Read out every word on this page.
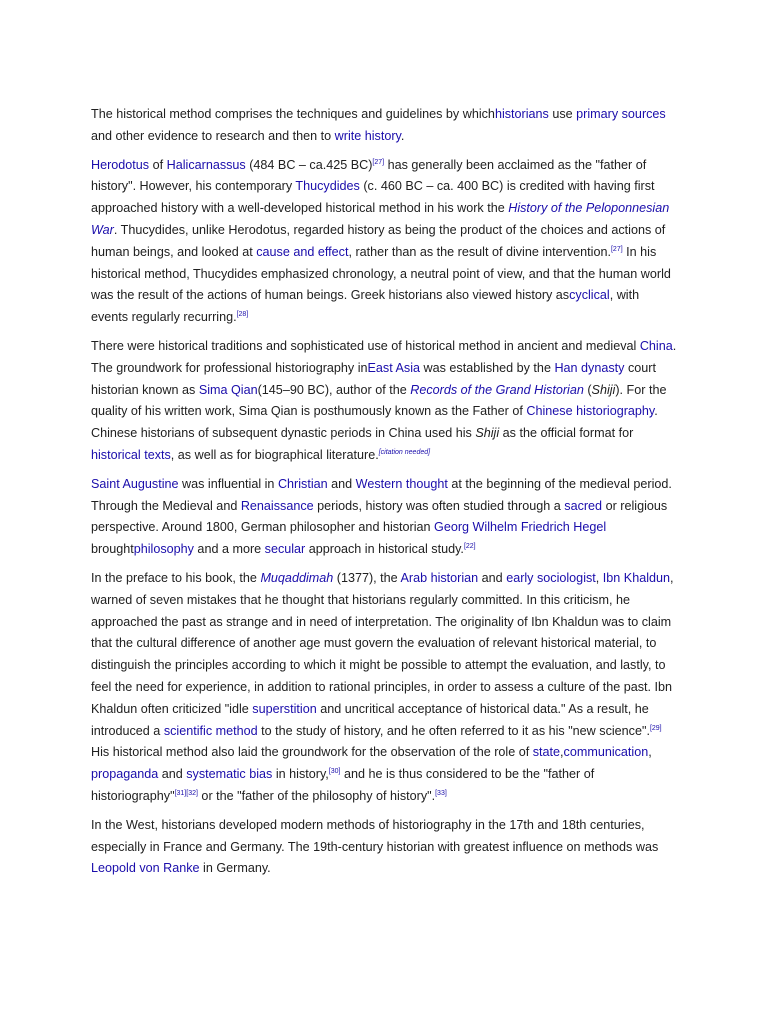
The historical method comprises the techniques and guidelines by whichhistorians use primary sources and other evidence to research and then to write history.

Herodotus of Halicarnassus (484 BC – ca.425 BC)[27] has generally been acclaimed as the "father of history". However, his contemporary Thucydides (c. 460 BC – ca. 400 BC) is credited with having first approached history with a well-developed historical method in his work the History of the Peloponnesian War. Thucydides, unlike Herodotus, regarded history as being the product of the choices and actions of human beings, and looked at cause and effect, rather than as the result of divine intervention.[27] In his historical method, Thucydides emphasized chronology, a neutral point of view, and that the human world was the result of the actions of human beings. Greek historians also viewed history ascyclical, with events regularly recurring.[28]

There were historical traditions and sophisticated use of historical method in ancient and medieval China. The groundwork for professional historiography inEast Asia was established by the Han dynasty court historian known as Sima Qian(145–90 BC), author of the Records of the Grand Historian (Shiji). For the quality of his written work, Sima Qian is posthumously known as the Father of Chinese historiography. Chinese historians of subsequent dynastic periods in China used his Shiji as the official format for historical texts, as well as for biographical literature.[citation needed]

Saint Augustine was influential in Christian and Western thought at the beginning of the medieval period. Through the Medieval and Renaissance periods, history was often studied through a sacred or religious perspective. Around 1800, German philosopher and historian Georg Wilhelm Friedrich Hegel broughtphilosophy and a more secular approach in historical study.[22]

In the preface to his book, the Muqaddimah (1377), the Arab historian and early sociologist, Ibn Khaldun, warned of seven mistakes that he thought that historians regularly committed. In this criticism, he approached the past as strange and in need of interpretation. The originality of Ibn Khaldun was to claim that the cultural difference of another age must govern the evaluation of relevant historical material, to distinguish the principles according to which it might be possible to attempt the evaluation, and lastly, to feel the need for experience, in addition to rational principles, in order to assess a culture of the past. Ibn Khaldun often criticized "idle superstition and uncritical acceptance of historical data." As a result, he introduced a scientific method to the study of history, and he often referred to it as his "new science".[29] His historical method also laid the groundwork for the observation of the role of state,communication, propaganda and systematic bias in history,[30] and he is thus considered to be the "father of historiography"[31][32] or the "father of the philosophy of history".[33]

In the West, historians developed modern methods of historiography in the 17th and 18th centuries, especially in France and Germany. The 19th-century historian with greatest influence on methods was Leopold von Ranke in Germany.
